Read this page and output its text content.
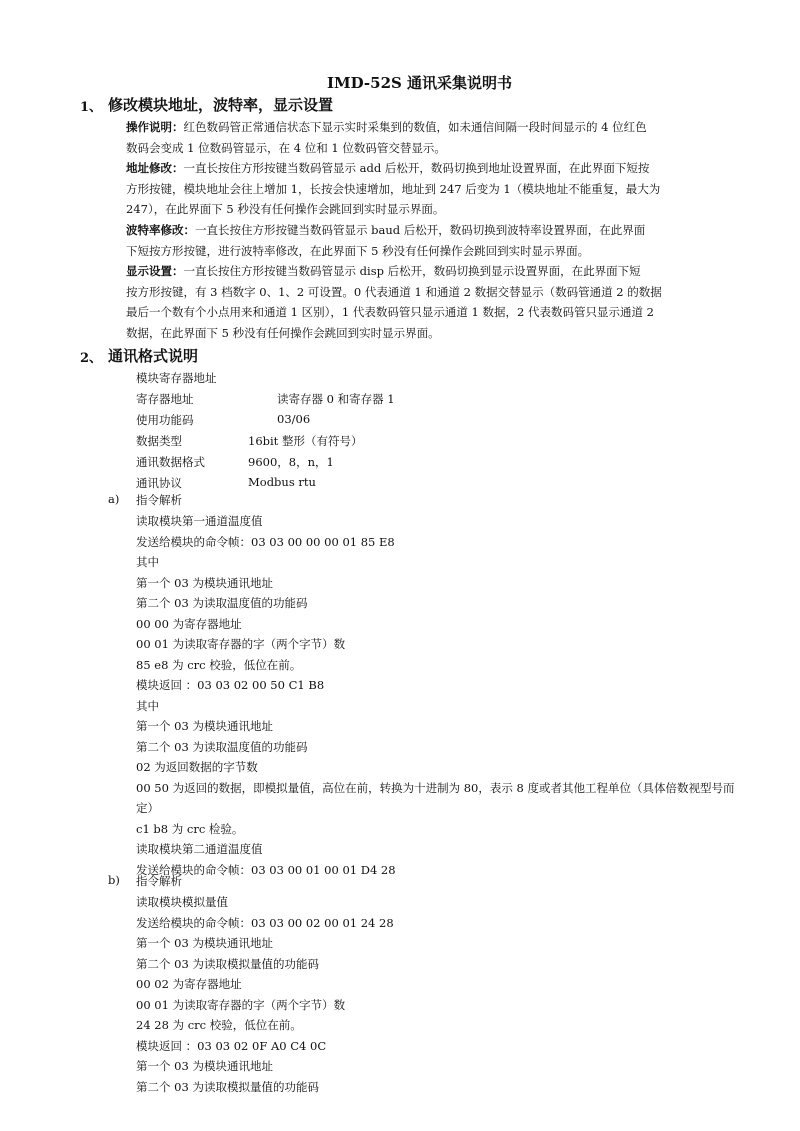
IMD-52S 通讯采集说明书
1、 修改模块地址，波特率，显示设置
操作说明：红色数码管正常通信状态下显示实时采集到的数值，如未通信间隔一段时间显示的 4 位红色
数码会变成 1 位数码管显示，在 4 位和 1 位数码管交替显示。
地址修改：一直长按住方形按键当数码管显示 add 后松开，数码切换到地址设置界面，在此界面下短按
方形按键，模块地址会往上增加 1，长按会快速增加，地址到 247 后变为 1（模块地址不能重复，最大为
247），在此界面下 5 秒没有任何操作会跳回到实时显示界面。
波特率修改：一直长按住方形按键当数码管显示 baud 后松开，数码切换到波特率设置界面，在此界面
下短按方形按键，进行波特率修改，在此界面下 5 秒没有任何操作会跳回到实时显示界面。
显示设置：一直长按住方形按键当数码管显示 disp 后松开，数码切换到显示设置界面，在此界面下短
按方形按键，有 3 档数字 0、1、2 可设置。0 代表通道 1 和通道 2 数据交替显示（数码管通道 2 的数据
最后一个数有个小点用来和通道 1 区别），1 代表数码管只显示通道 1 数据，2 代表数码管只显示通道 2
数据，在此界面下 5 秒没有任何操作会跳回到实时显示界面。
2、 通讯格式说明
模块寄存器地址
寄存器地址	读寄存器 0 和寄存器 1
使用功能码	03/06
数据类型	16bit 整形（有符号）
通讯数据格式	9600，8，n，1
通讯协议	Modbus rtu
a) 指令解析
读取模块第一通道温度值
发送给模块的命令帧：03 03 00 00 00 01 85 E8
其中
第一个 03 为模块通讯地址
第二个 03 为读取温度值的功能码
00 00 为寄存器地址
00 01 为读取寄存器的字（两个字节）数
85 e8 为 crc 校验，低位在前。
模块返回 ：03 03 02 00 50 C1 B8
其中
第一个 03 为模块通讯地址
第二个 03 为读取温度值的功能码
02 为返回数据的字节数
00 50 为返回的数据，即模拟量值，高位在前，转换为十进制为 80，表示 8 度或者其他工程单位（具体倍数视型号而
定）
c1 b8 为 crc 检验。
读取模块第二通道温度值
发送给模块的命令帧：03 03 00 01 00 01 D4 28
b) 指令解析
读取模块模拟量值
发送给模块的命令帧：03 03 00 02 00 01 24 28
第一个 03 为模块通讯地址
第二个 03 为读取模拟量值的功能码
00 02 为寄存器地址
00 01 为读取寄存器的字（两个字节）数
24 28 为 crc 校验，低位在前。
模块返回 ：03 03 02 0F A0 C4 0C
第一个 03 为模块通讯地址
第二个 03 为读取模拟量值的功能码
